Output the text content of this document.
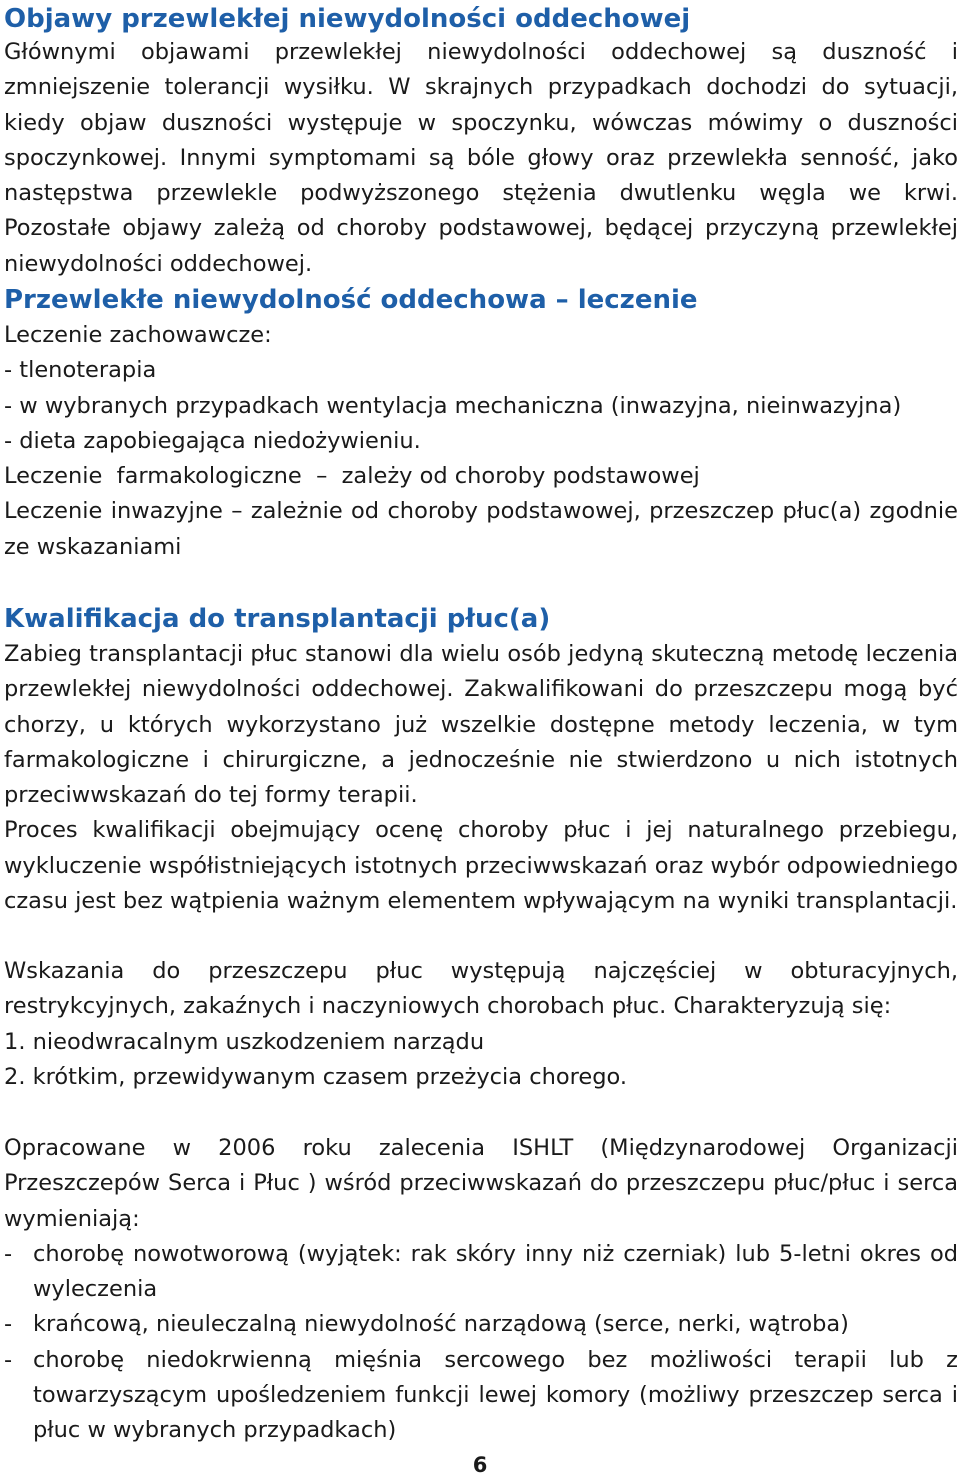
Objawy przewlekłej niewydolności oddechowej

Głównymi objawami przewlekłej niewydolności oddechowej są duszność i zmniejszenie tolerancji wysiłku. W skrajnych przypadkach dochodzi do sytuacji, kiedy objaw duszności występuje w spoczynku, wówczas mówimy o duszności spoczynkowej. Innymi symptomami są bóle głowy oraz przewlekła senność, jako następstwa przewlekle podwyższonego stężenia dwutlenku węgla we krwi. Pozostałe objawy zależą od choroby podstawowej, będącej przyczyną przewlekłej niewydolności oddechowej.

Przewlekłe niewydolność oddechowa – leczenie

Leczenie zachowawcze:

- tlenoterapia

- w wybranych przypadkach wentylacja mechaniczna (inwazyjna, nieinwazyjna)

- dieta zapobiegająca niedożywieniu.

Leczenie  farmakologiczne  –  zależy od choroby podstawowej

Leczenie inwazyjne – zależnie od choroby podstawowej, przeszczep płuc(a) zgodnie ze wskazaniami

Kwalifikacja do transplantacji płuc(a)

Zabieg transplantacji płuc stanowi dla wielu osób jedyną skuteczną metodę leczenia przewlekłej niewydolności oddechowej. Zakwalifikowani do przeszczepu mogą być chorzy, u których wykorzystano już wszelkie dostępne metody leczenia, w tym farmakologiczne i chirurgiczne, a jednocześnie nie stwierdzono u nich istotnych przeciwwskazań do tej formy terapii.

Proces kwalifikacji obejmujący ocenę choroby płuc i jej naturalnego przebiegu, wykluczenie współistniejących istotnych przeciwwskazań oraz wybór odpowiedniego czasu jest bez wątpienia ważnym elementem wpływającym na wyniki transplantacji.

Wskazania do przeszczepu płuc występują najczęściej w obturacyjnych, restrykcyjnych, zakaźnych i naczyniowych chorobach płuc. Charakteryzują się:

1. nieodwracalnym uszkodzeniem narządu

2. krótkim, przewidywanym czasem przeżycia chorego.

Opracowane w 2006 roku zalecenia ISHLT (Międzynarodowej Organizacji Przeszczepów Serca i Płuc ) wśród przeciwwskazań do przeszczepu płuc/płuc i serca wymieniają:

- chorobę nowotworową (wyjątek: rak skóry inny niż czerniak) lub 5-letni okres od wyleczenia
- krańcową, nieuleczalną niewydolność narządową (serce, nerki, wątroba)
- chorobę niedokrwienną mięśnia sercowego bez możliwości terapii lub z towarzyszącym upośledzeniem funkcji lewej komory (możliwy przeszczep serca i płuc w wybranych przypadkach)
6
